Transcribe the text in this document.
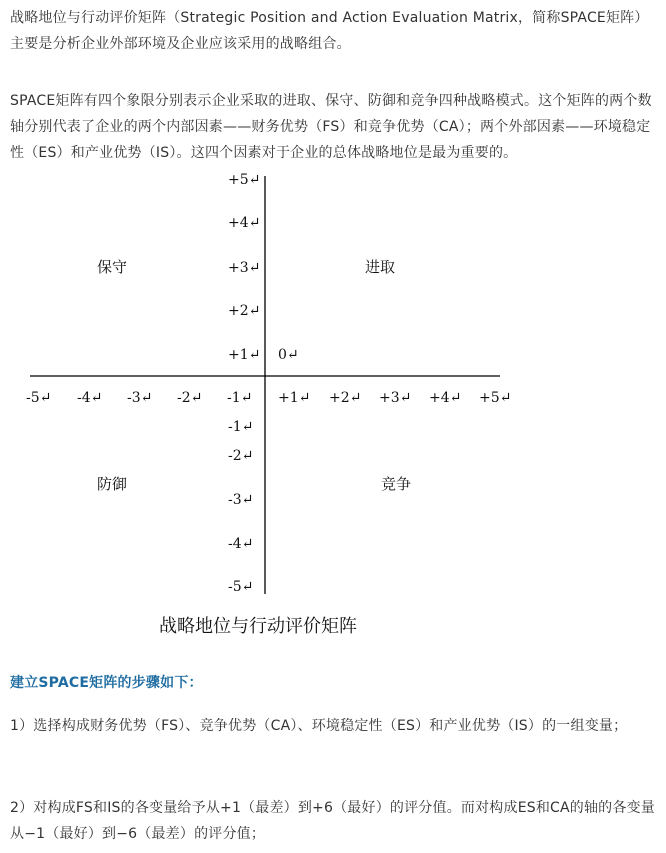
战略地位与行动评价矩阵（Strategic Position and Action Evaluation Matrix，简称SPACE矩阵）主要是分析企业外部环境及企业应该采用的战略组合。

SPACE矩阵有四个象限分别表示企业采取的进取、保守、防御和竞争四种战略模式。这个矩阵的两个数轴分别代表了企业的两个内部因素——财务优势（FS）和竞争优势（CA）；两个外部因素——环境稳定性（ES）和产业优势（IS）。这四个因素对于企业的总体战略地位是最为重要的。

+5↵
+4↵
+3↵
+2↵
+1↵ 0↵
-5↵ -4↵ -3↵ -2↵ -1↵ +1↵ +2↵ +3↵ +4↵ +5↵
-1↵
-2↵
-3↵
-4↵
-5↵
保守	进取
防御	竞争
战略地位与行动评价矩阵

建立SPACE矩阵的步骤如下：

1）选择构成财务优势（FS）、竞争优势（CA）、环境稳定性（ES）和产业优势（IS）的一组变量；

2）对构成FS和IS的各变量给予从+1（最差）到+6（最好）的评分值。而对构成ES和CA的轴的各变量从−1（最好）到−6（最差）的评分值；
